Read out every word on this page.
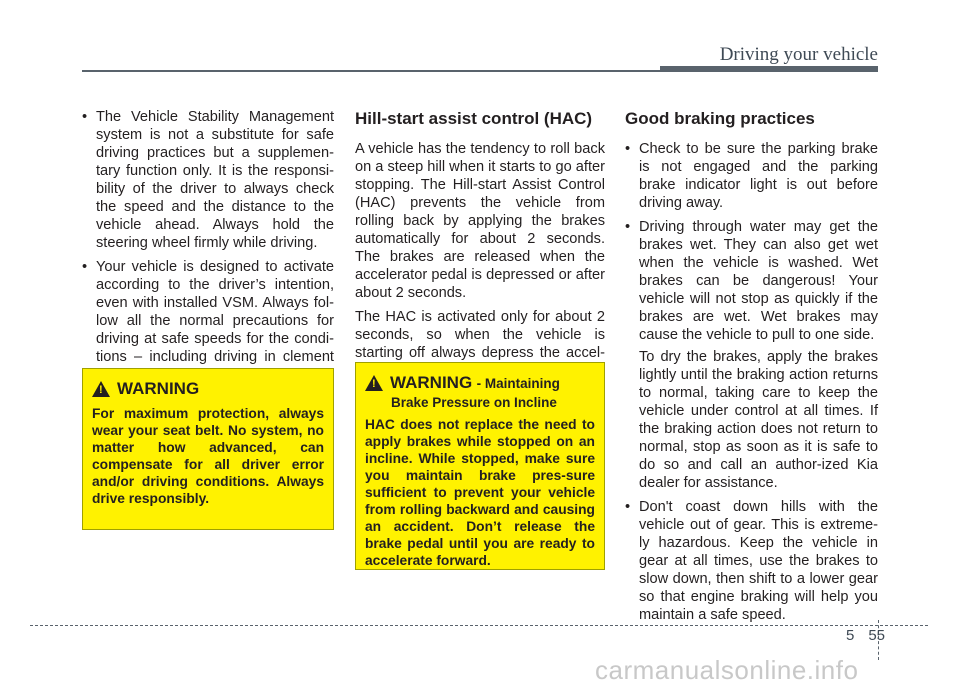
Driving your vehicle
• The Vehicle Stability Management system is not a substitute for safe driving practices but a supplemen-tary function only. It is the responsi-bility of the driver to always check the speed and the distance to the vehicle ahead. Always hold the steering wheel firmly while driving.
• Your vehicle is designed to activate according to the driver’s intention, even with installed VSM. Always fol-low all the normal precautions for driving at safe speeds for the condi-tions – including driving in clement
! WARNING

For maximum protection, always wear your seat belt. No system, no matter how advanced, can compensate for all driver error and/or driving conditions. Always drive responsibly.

Hill-start assist control (HAC)

A vehicle has the tendency to roll back on a steep hill when it starts to go after stopping. The Hill-start Assist Control (HAC) prevents the vehicle from rolling back by applying the brakes automatically for about 2 seconds. The brakes are released when the accelerator pedal is depressed or after about 2 seconds.

The HAC is activated only for about 2 seconds, so when the vehicle is starting off always depress the accel-

! WARNING - Maintaining
Brake Pressure on Incline

HAC does not replace the need to apply brakes while stopped on an incline. While stopped, make sure you maintain brake pres-sure sufficient to prevent your vehicle from rolling backward and causing an accident. Don’t release the brake pedal until you are ready to accelerate forward.

Good braking practices
• Check to be sure the parking brake is not engaged and the parking brake indicator light is out before driving away.
• Driving through water may get the brakes wet. They can also get wet when the vehicle is washed. Wet brakes can be dangerous! Your vehicle will not stop as quickly if the brakes are wet. Wet brakes may cause the vehicle to pull to one side.

To dry the brakes, apply the brakes lightly until the braking action returns to normal, taking care to keep the vehicle under control at all times. If the braking action does not return to normal, stop as soon as it is safe to do so and call an author-ized Kia dealer for assistance.

• Don't coast down hills with the vehicle out of gear. This is extreme-ly hazardous. Keep the vehicle in gear at all times, use the brakes to slow down, then shift to a lower gear so that engine braking will help you maintain a safe speed.
5 55
carmanualsonline.info
